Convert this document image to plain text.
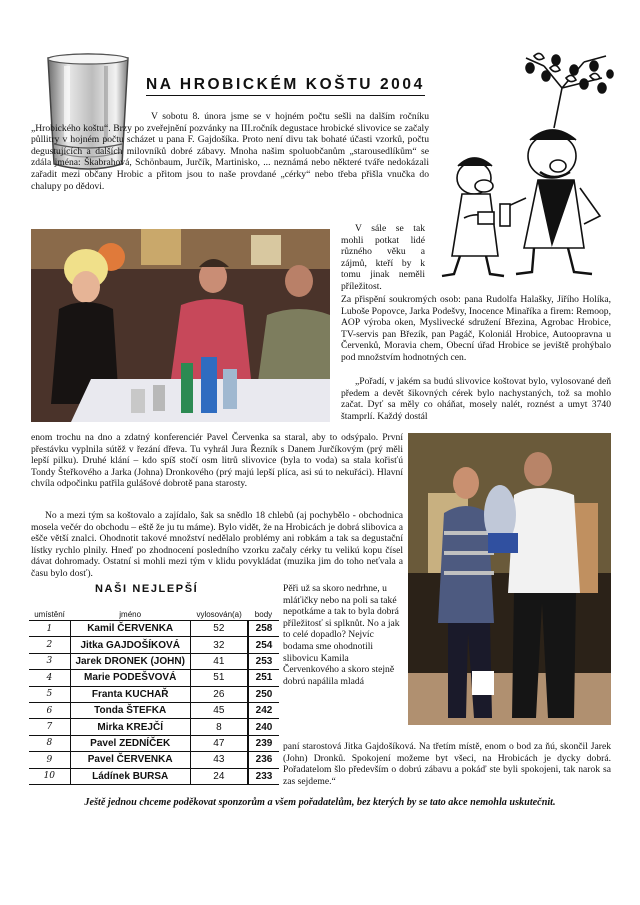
NA HROBICKÉM KOŠTU 2004

V sobotu 8. února jsme se v hojném počtu sešli na dalším ročníku „Hrobického koštu“. Brzy po zveřejnění pozvánky na III.ročník degustace hrobické slivovice se začaly půllitry v hojném počtu scházet u pana F. Gajdošíka. Proto není divu tak bohaté účasti vzorků, počtu degustujících a dalších milovníků dobré zábavy. Mnoha našim spoluobčanům „starousedlíkům“ se zdála jména: Škabrahová, Schönbaum, Jurčík, Martinisko, ... neznámá nebo některé tváře nedokázali zařadit mezi občany Hrobic a přitom jsou to naše provdané „cérky“ nebo třeba přišla vnučka do chalupy po dědovi.

V sále se tak mohli potkat lidé různého věku a zájmů, kteří by k tomu jinak neměli příležitost.

Za přispění soukromých osob: pana Rudolfa Halašky, Jiřího Holíka, Luboše Popovce, Jarka Podešvy, Inocence Minaříka a firem: Remoop, AOP výroba oken, Myslivecké sdružení Březina, Agrobac Hrobice, TV-servis pan Březík, pan Pagáč, Koloniál Hrobice, Autoopravna u Červenků, Moravia chem, Obecní úřad Hrobice se jeviště prohýbalo pod množstvím hodnotných cen.

„Pořadí, v jakém sa budú slivovice koštovat bylo, vylosované deň předem a devět šikovných cérek bylo nachystaných, tož sa mohlo začat. Dyť sa měly co oháňat, mosely nalét, roznést a umyt 3740 štamprlí. Každý dostál

enom trochu na dno a zdatný konferenciér Pavel Červenka sa staral, aby to odsýpalo. První přestávku vyplnila sútěž v řezání dřeva. Tu vyhrál Jura Řezník s Danem Jurčíkovým (prý měli lepší pilku). Druhé klání – kdo spíš stočí osm litrů slivovice (byla to voda) sa stala kořisťú Tondy Šteřkového a Jarka (Johna) Dronkového (prý majú lepší plíca, asi sú to nekuřáci). Hlavní chvíla odpočinku patřila gulášové dobrotě pana starosty.

No a mezi tým sa koštovalo a zajídalo, šak sa snědlo 18 chlebů (aj pochybělo - obchodnica mosela večér do obchodu – eště že ju tu máme). Bylo vidět, že na Hrobicách je dobrá slibovica a ešče větší znalci. Ohodnotit takové množství nedělalo problémy ani robkám a tak sa degustační lístky rychlo plnily. Hneď po zhodnocení posledního vzorku začaly cérky tu velikú kopu čísel dávat dohromady. Ostatní si mohli mezi tým v klidu povykládat (muzika jim do toho neťvala a času bylo dosť).

NAŠI NEJLEPŠÍ
umístění	jméno	vylosován(a)	body
1	Kamil ČERVENKA	52	258
2	Jitka GAJDOŠÍKOVÁ	32	254
3	Jarek DRONEK (JOHN)	41	253
4	Marie PODEŠVOVÁ	51	251
5	Franta KUCHAŘ	26	250
6	Tonda ŠTEFKA	45	242
7	Mirka KREJČÍ	8	240
8	Pavel ZEDNÍČEK	47	239
9	Pavel ČERVENKA	43	236
10	Ládínek BURSA	24	233

Pěři už sa skoro nedrhne, u mláťičky nebo na poli sa také nepotkáme a tak to byla dobrá příležitosť si splknůt. No a jak to celé dopadlo? Nejvíc bodama sme ohodnotili slibovicu Kamila Červenkového a skoro stejně dobrú napálila mladá

paní starostová Jitka Gajdošíková. Na třetím místě, enom o bod za ňú, skončil Jarek (John) Dronků. Spokojení možeme byt všeci, na Hrobicách je dycky dobrá. Pořadatelom šlo především o dobrú zábavu a pokáď ste byli spokojeni, tak narok sa zas sejdeme.“

Ještě jednou chceme poděkovat sponzorům a všem pořadatelům, bez kterých by se tato akce nemohla uskutečnit.
